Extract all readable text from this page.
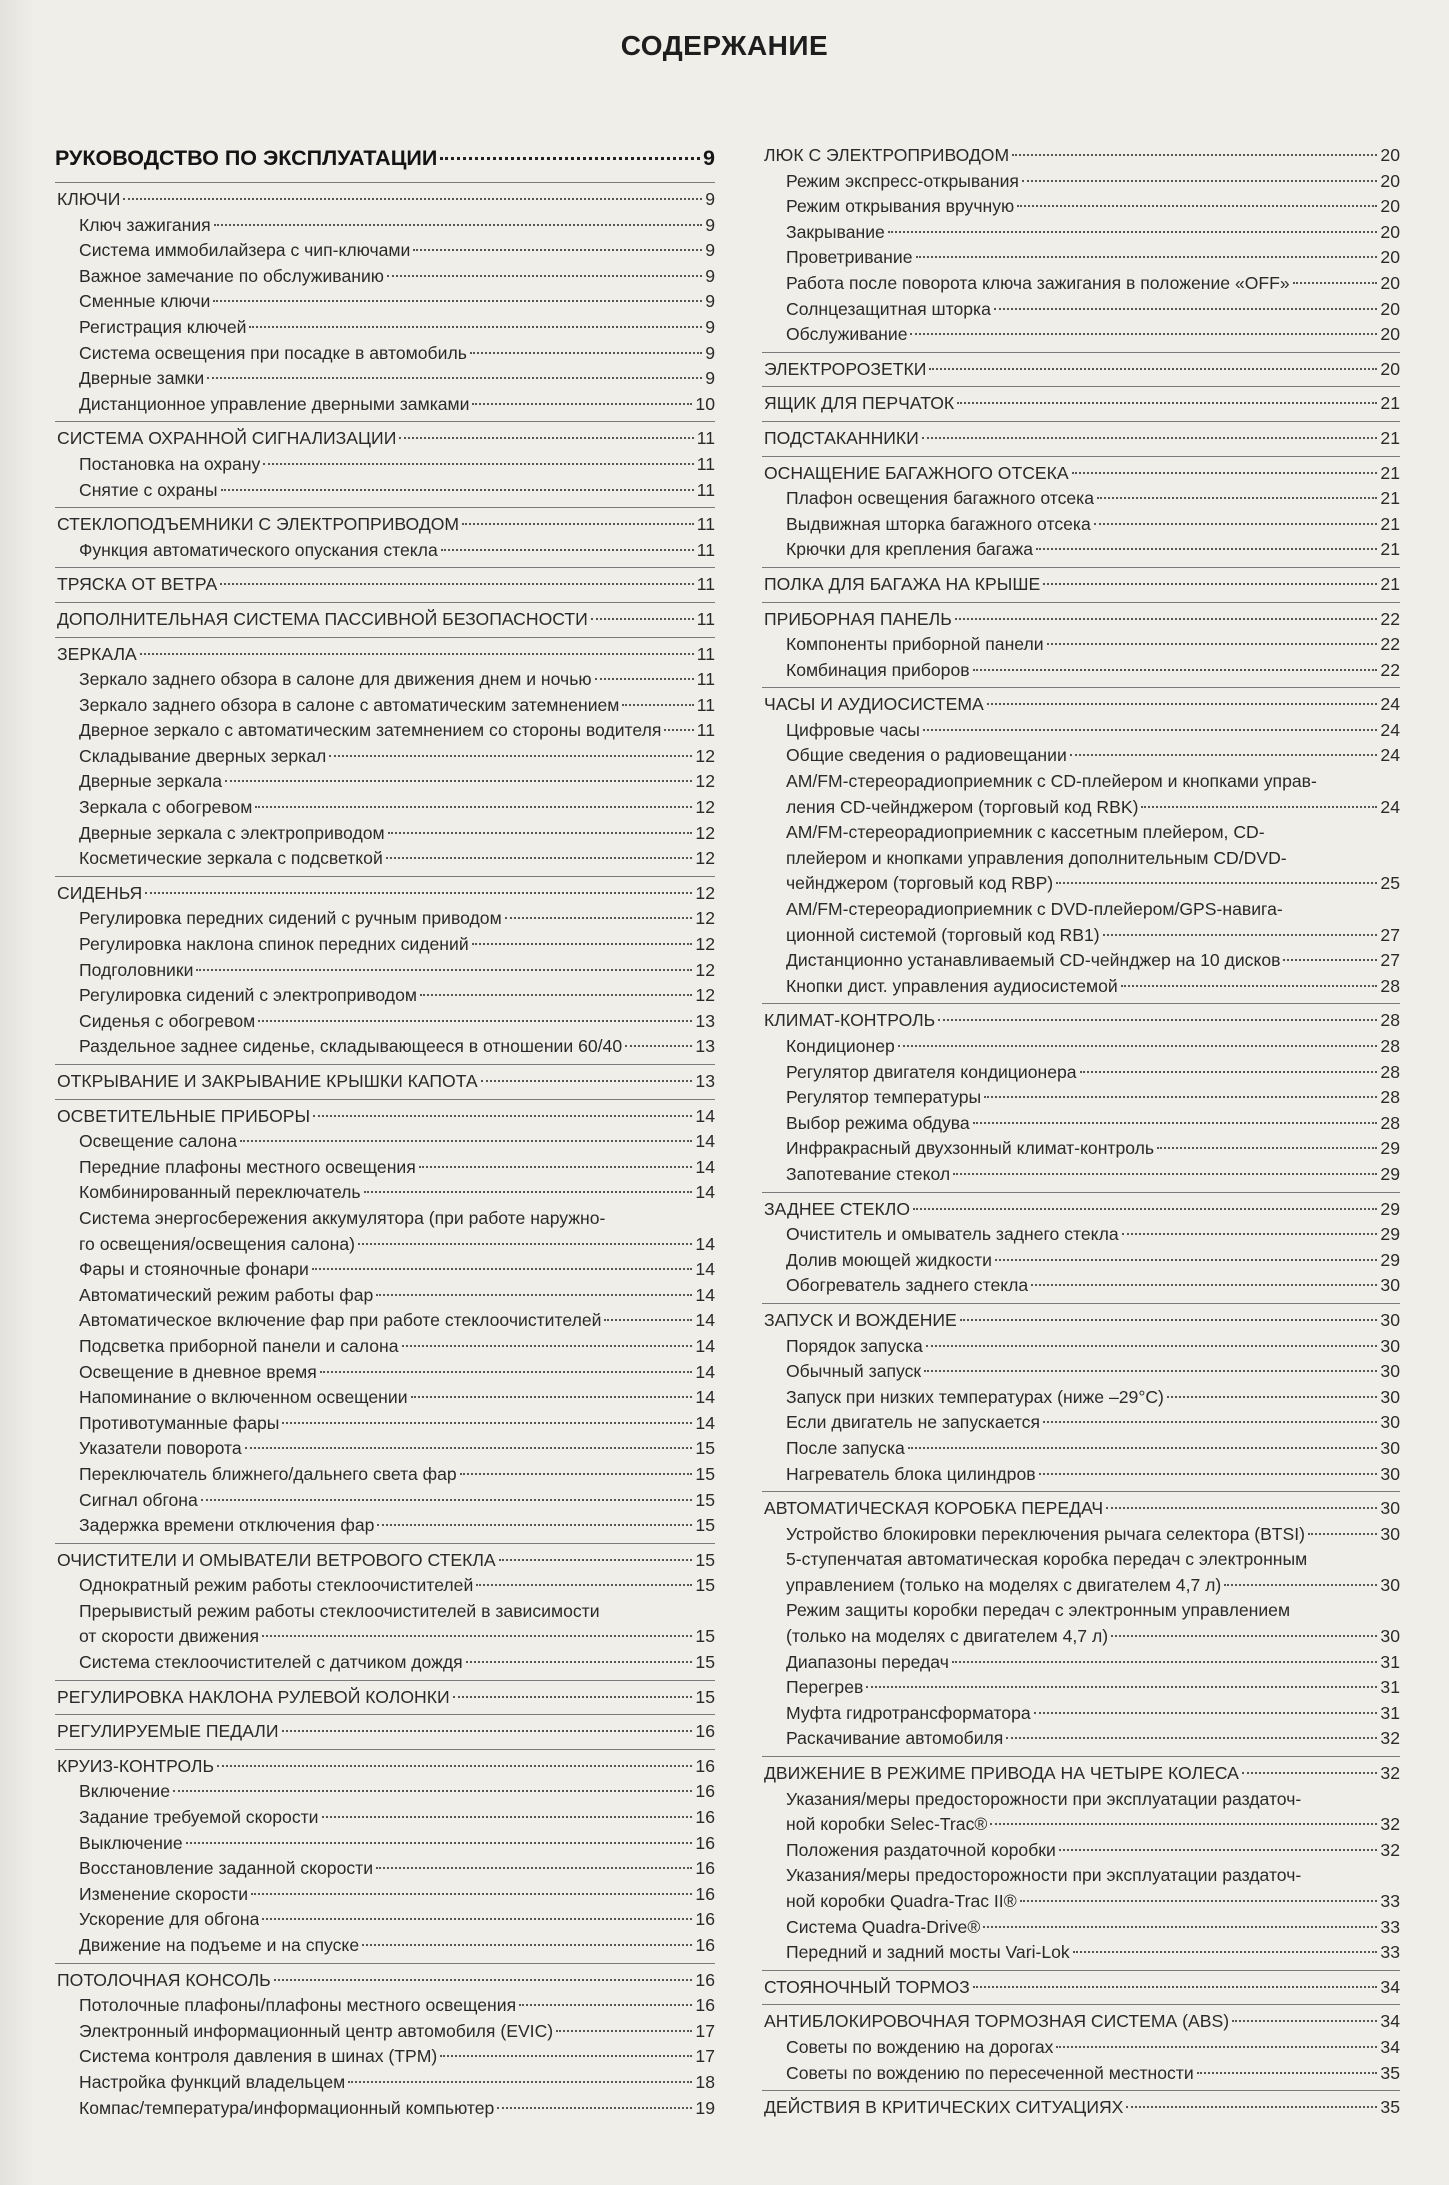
СОДЕРЖАНИЕ
РУКОВОДСТВО ПО ЭКСПЛУАТАЦИИ	9
КЛЮЧИ	9
Ключ зажигания	9
Система иммобилайзера с чип-ключами	9
Важное замечание по обслуживанию	9
Сменные ключи	9
Регистрация ключей	9
Система освещения при посадке в автомобиль	9
Дверные замки	9
Дистанционное управление дверными замками	10
СИСТЕМА ОХРАННОЙ СИГНАЛИЗАЦИИ	11
Постановка на охрану	11
Снятие с охраны	11
СТЕКЛОПОДЪЕМНИКИ С ЭЛЕКТРОПРИВОДОМ	11
Функция автоматического опускания стекла	11
ТРЯСКА ОТ ВЕТРА	11
ДОПОЛНИТЕЛЬНАЯ СИСТЕМА ПАССИВНОЙ БЕЗОПАСНОСТИ	11
ЗЕРКАЛА	11
Зеркало заднего обзора в салоне для движения днем и ночью	11
Зеркало заднего обзора в салоне с автоматическим затемнением	11
Дверное зеркало с автоматическим затемнением со стороны водителя 11
Складывание дверных зеркал	12
Дверные зеркала	12
Зеркала с обогревом	12
Дверные зеркала с электроприводом	12
Косметические зеркала с подсветкой	12
СИДЕНЬЯ	12
Регулировка передних сидений с ручным приводом	12
Регулировка наклона спинок передних сидений	12
Подголовники	12
Регулировка сидений с электроприводом	12
Сиденья с обогревом	13
Раздельное заднее сиденье, складывающееся в отношении 60/40	13
ОТКРЫВАНИЕ И ЗАКРЫВАНИЕ КРЫШКИ КАПОТА	13
ОСВЕТИТЕЛЬНЫЕ ПРИБОРЫ	14
Освещение салона	14
Передние плафоны местного освещения	14
Комбинированный переключатель	14
Система энергосбережения аккумулятора (при работе наружно-
го освещения/освещения салона)	14
Фары и стояночные фонари	14
Автоматический режим работы фар	14
Автоматическое включение фар при работе стеклоочистителей	14
Подсветка приборной панели и салона	14
Освещение в дневное время	14
Напоминание о включенном освещении	14
Противотуманные фары	14
Указатели поворота	15
Переключатель ближнего/дальнего света фар	15
Сигнал обгона	15
Задержка времени отключения фар	15
ОЧИСТИТЕЛИ И ОМЫВАТЕЛИ ВЕТРОВОГО СТЕКЛА	15
Однократный режим работы стеклоочистителей	15
Прерывистый режим работы стеклоочистителей в зависимости
от скорости движения	15
Система стеклоочистителей с датчиком дождя	15
РЕГУЛИРОВКА НАКЛОНА РУЛЕВОЙ КОЛОНКИ	15
РЕГУЛИРУЕМЫЕ ПЕДАЛИ	16
КРУИЗ-КОНТРОЛЬ	16
Включение	16
Задание требуемой скорости	16
Выключение	16
Восстановление заданной скорости	16
Изменение скорости	16
Ускорение для обгона	16
Движение на подъеме и на спуске	16
ПОТОЛОЧНАЯ КОНСОЛЬ	16
Потолочные плафоны/плафоны местного освещения	16
Электронный информационный центр автомобиля (EVIC)	17
Система контроля давления в шинах (TPM)	17
Настройка функций владельцем	18
Компас/температура/информационный компьютер	19
ЛЮК С ЭЛЕКТРОПРИВОДОМ	20
Режим экспресс-открывания	20
Режим открывания вручную	20
Закрывание	20
Проветривание	20
Работа после поворота ключа зажигания в положение «OFF»	20
Солнцезащитная шторка	20
Обслуживание	20
ЭЛЕКТРОРОЗЕТКИ	20
ЯЩИК ДЛЯ ПЕРЧАТОК	21
ПОДСТАКАННИКИ	21
ОСНАЩЕНИЕ БАГАЖНОГО ОТСЕКА	21
Плафон освещения багажного отсека	21
Выдвижная шторка багажного отсека	21
Крючки для крепления багажа	21
ПОЛКА ДЛЯ БАГАЖА НА КРЫШЕ	21
ПРИБОРНАЯ ПАНЕЛЬ	22
Компоненты приборной панели	22
Комбинация приборов	22
ЧАСЫ И АУДИОСИСТЕМА	24
Цифровые часы	24
Общие сведения о радиовещании	24
AM/FM-стереорадиоприемник с CD-плейером и кнопками управ-
ления CD-чейнджером (торговый код RBK)	24
AM/FM-стереорадиоприемник с кассетным плейером, CD-
плейером и кнопками управления дополнительным CD/DVD-
чейнджером (торговый код RBP)	25
AM/FM-стереорадиоприемник с DVD-плейером/GPS-навига-
ционной системой (торговый код RB1)	27
Дистанционно устанавливаемый CD-чейнджер на 10 дисков	27
Кнопки дист. управления аудиосистемой	28
КЛИМАТ-КОНТРОЛЬ	28
Кондиционер	28
Регулятор двигателя кондиционера	28
Регулятор температуры	28
Выбор режима обдува	28
Инфракрасный двухзонный климат-контроль	29
Запотевание стекол	29
ЗАДНЕЕ СТЕКЛО	29
Очиститель и омыватель заднего стекла	29
Долив моющей жидкости	29
Обогреватель заднего стекла	30
ЗАПУСК И ВОЖДЕНИЕ	30
Порядок запуска	30
Обычный запуск	30
Запуск при низких температурах (ниже –29°С)	30
Если двигатель не запускается	30
После запуска	30
Нагреватель блока цилиндров	30
АВТОМАТИЧЕСКАЯ КОРОБКА ПЕРЕДАЧ	30
Устройство блокировки переключения рычага селектора (BTSI)	30
5-ступенчатая автоматическая коробка передач с электронным
управлением (только на моделях с двигателем 4,7 л)	30
Режим защиты коробки передач с электронным управлением
(только на моделях с двигателем 4,7 л)	30
Диапазоны передач	31
Перегрев	31
Муфта гидротрансформатора	31
Раскачивание автомобиля	32
ДВИЖЕНИЕ В РЕЖИМЕ ПРИВОДА НА ЧЕТЫРЕ КОЛЕСА	32
Указания/меры предосторожности при эксплуатации раздаточ-
ной коробки Selec-Trac®	32
Положения раздаточной коробки	32
Указания/меры предосторожности при эксплуатации раздаточ-
ной коробки Quadra-Trac II®	33
Система Quadra-Drive®	33
Передний и задний мосты Vari-Lok	33
СТОЯНОЧНЫЙ ТОРМОЗ	34
АНТИБЛОКИРОВОЧНАЯ ТОРМОЗНАЯ СИСТЕМА (ABS)	34
Советы по вождению на дорогах	34
Советы по вождению по пересеченной местности	35
ДЕЙСТВИЯ В КРИТИЧЕСКИХ СИТУАЦИЯХ	35
